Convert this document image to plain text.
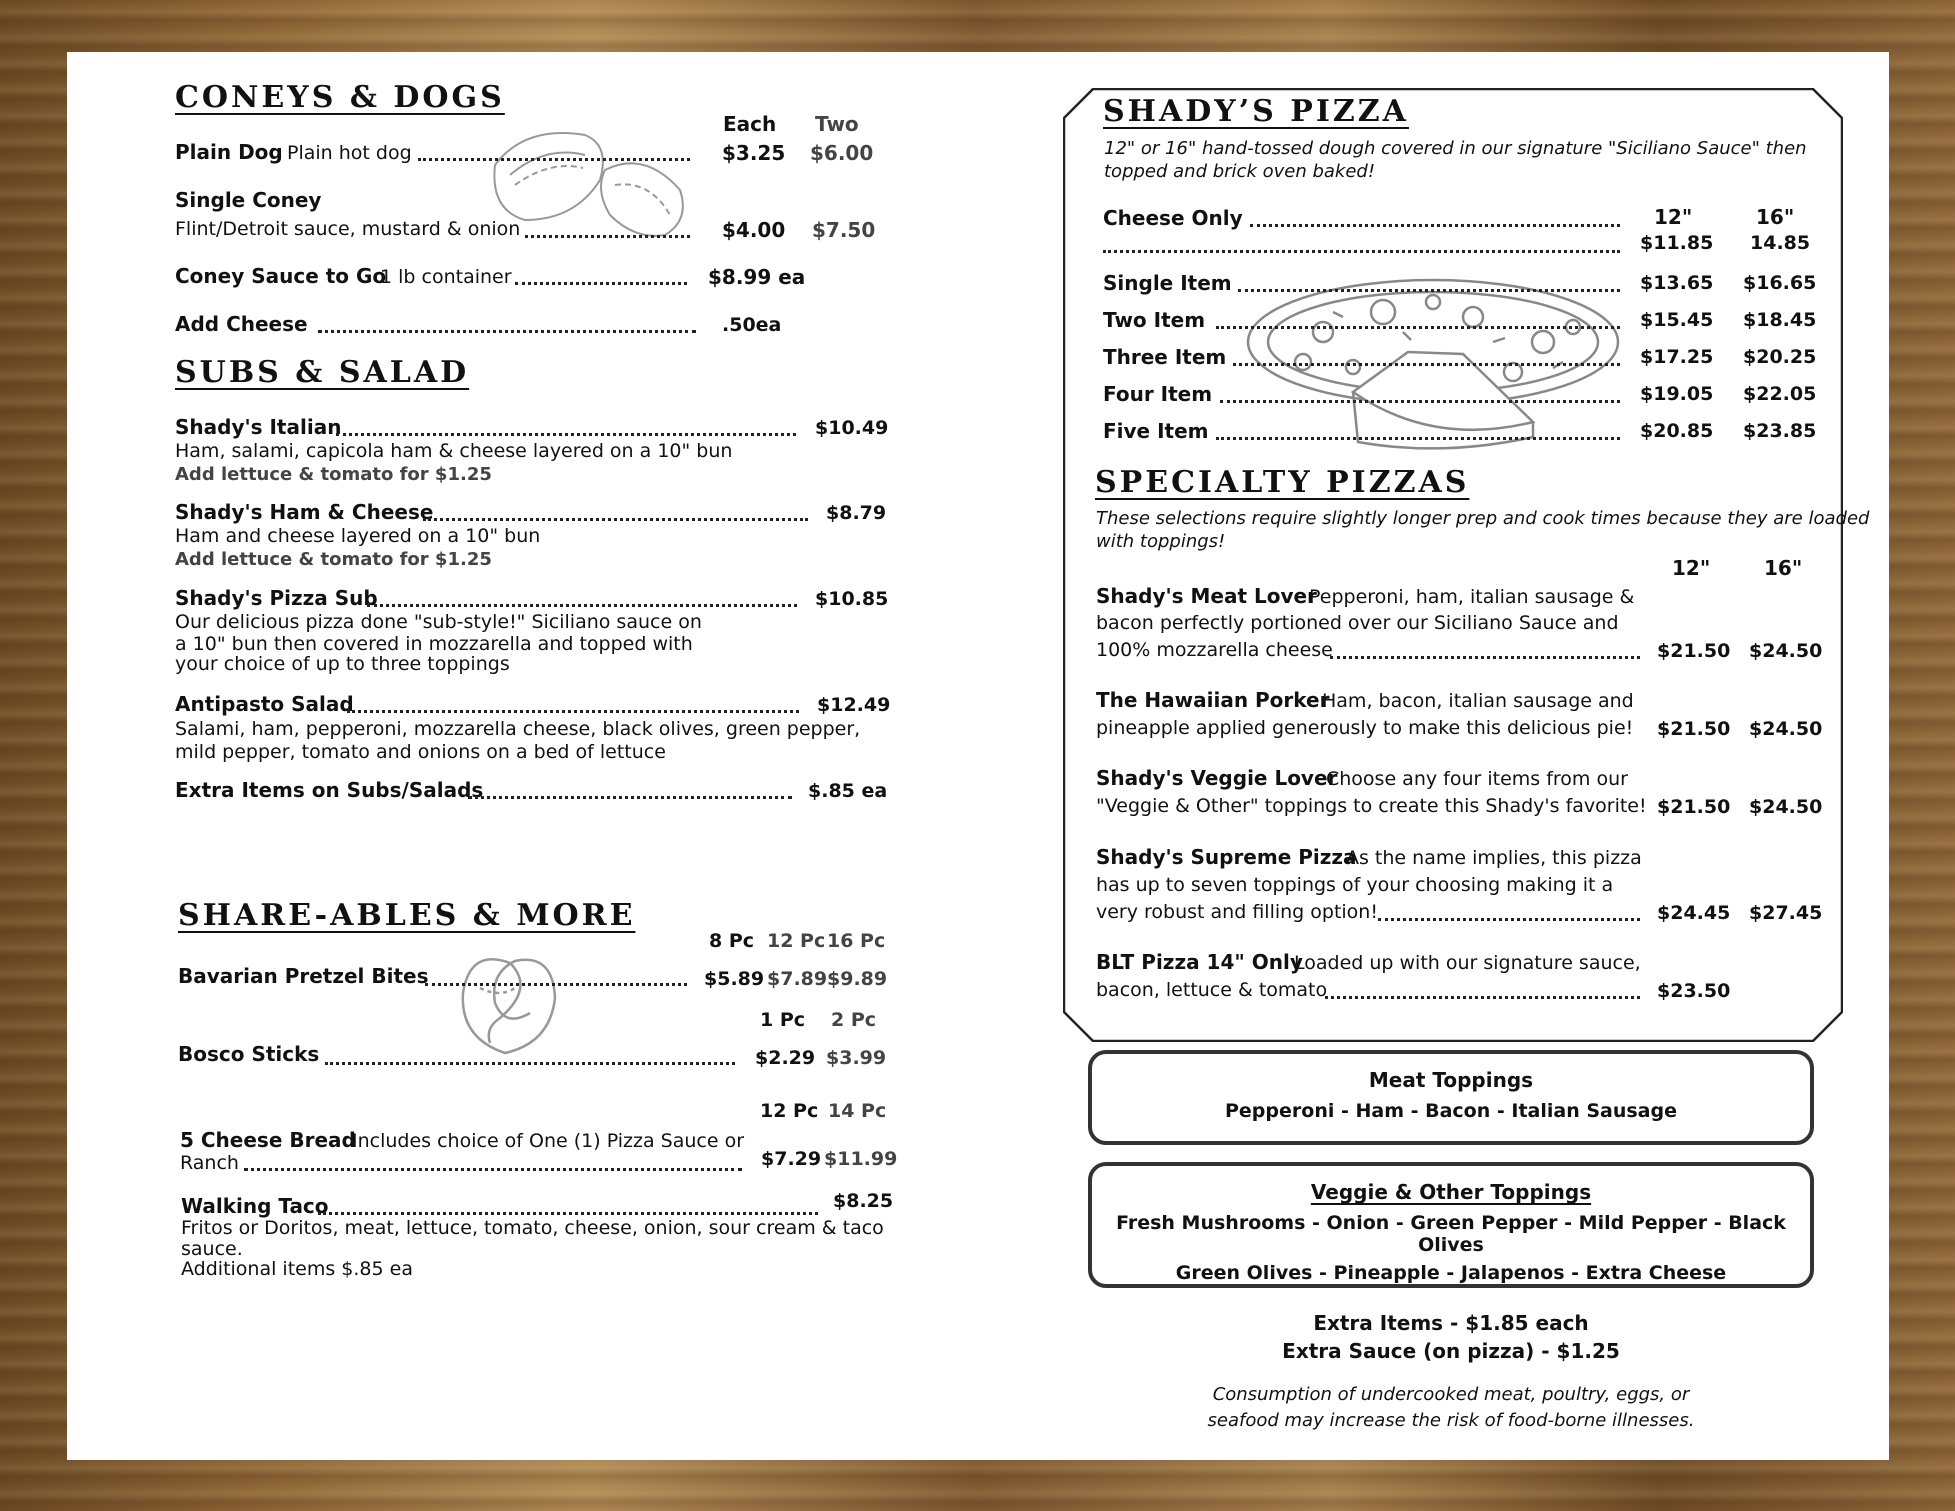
CONEYS & DOGS
Each Two
Plain Dog Plain hot dog	$3.25 $6.00
Single Coney
Flint/Detroit sauce, mustard & onion	$4.00 $7.50
Coney Sauce to Go
1 lb container	$8.99 ea
Add Cheese	.50ea
SUBS & SALAD
Shady's Italian	$10.49
Ham, salami, capicola ham & cheese layered on a 10" bun
Add lettuce & tomato for $1.25
Shady's Ham & Cheese	$8.79
Ham and cheese layered on a 10" bun
Add lettuce & tomato for $1.25
Shady's Pizza Sub	$10.85
Our delicious pizza done "sub-style!" Siciliano sauce on
a 10" bun then covered in mozzarella and topped with
your choice of up to three toppings
Antipasto Salad	$12.49
Salami, ham, pepperoni, mozzarella cheese, black olives, green pepper,
mild pepper, tomato and onions on a bed of lettuce
Extra Items on Subs/Salads	$.85 ea
SHARE-ABLES & MORE
8 Pc 12 Pc 16 Pc
Bavarian Pretzel Bites	$5.89 $7.89 $9.89
1 Pc 2 Pc
Bosco Sticks	$2.29 $3.99
12 Pc 14 Pc
5 Cheese Bread
Includes choice of One (1) Pizza Sauce or
Ranch	$7.29 $11.99
Walking Taco	$8.25
Fritos or Doritos, meat, lettuce, tomato, cheese, onion, sour cream & taco
sauce.
Additional items $.85 ea
SHADY’S PIZZA
12" or 16" hand-tossed dough covered in our signature "Siciliano Sauce" then
topped and brick oven baked!
12"	16"
Cheese Only
$11.85 14.85
Single Item	$13.65 $16.65
Two Item	$15.45 $18.45
Three Item	$17.25 $20.25
Four Item	$19.05 $22.05
Five Item	$20.85 $23.85
SPECIALTY PIZZAS
These selections require slightly longer prep and cook times because they are loaded
with toppings!
12"	16"
Shady's Meat Lover
Pepperoni, ham, italian sausage &
bacon perfectly portioned over our Siciliano Sauce and
100% mozzarella cheese	$21.50 $24.50
The Hawaiian Porker
Ham, bacon, italian sausage and
pineapple applied generously to make this delicious pie! $21.50 $24.50
Shady's Veggie Lover
Choose any four items from our
"Veggie & Other" toppings to create this Shady's favorite! $21.50 $24.50
Shady's Supreme Pizza
As the name implies, this pizza
has up to seven toppings of your choosing making it a
very robust and filling option!	$24.45 $27.45
BLT Pizza 14" Only
Loaded up with our signature sauce,
bacon, lettuce & tomato	$23.50
Meat Toppings
Pepperoni - Ham - Bacon - Italian Sausage
Veggie & Other Toppings
Fresh Mushrooms - Onion - Green Pepper - Mild Pepper - Black Olives
Green Olives - Pineapple - Jalapenos - Extra Cheese
Extra Items - $1.85 each
Extra Sauce (on pizza) - $1.25
Consumption of undercooked meat, poultry, eggs, or
seafood may increase the risk of food-borne illnesses.
